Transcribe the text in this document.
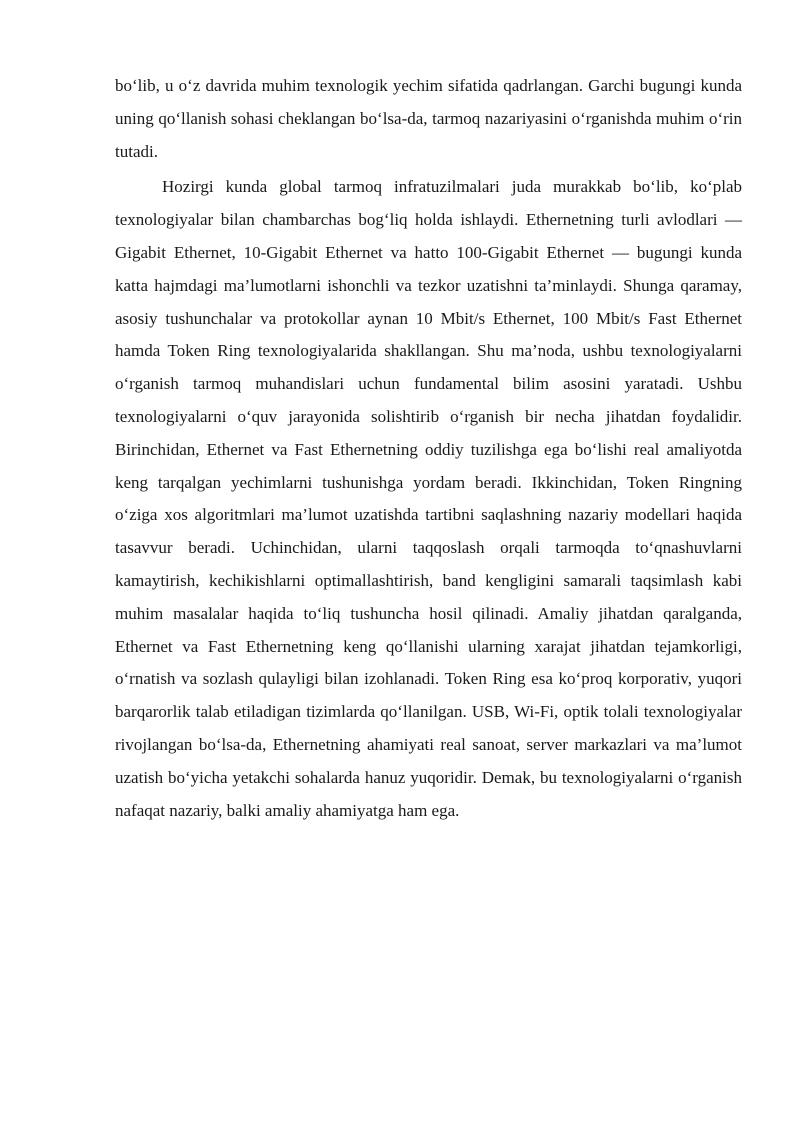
bo‘lib, u o‘z davrida muhim texnologik yechim sifatida qadrlangan. Garchi bugungi kunda uning qo‘llanish sohasi cheklangan bo‘lsa-da, tarmoq nazariyasini o‘rganishda muhim o‘rin tutadi.

Hozirgi kunda global tarmoq infratuzilmalari juda murakkab bo‘lib, ko‘plab texnologiyalar bilan chambarchas bog‘liq holda ishlaydi. Ethernetning turli avlodlari — Gigabit Ethernet, 10-Gigabit Ethernet va hatto 100-Gigabit Ethernet — bugungi kunda katta hajmdagi ma’lumotlarni ishonchli va tezkor uzatishni ta’minlaydi. Shunga qaramay, asosiy tushunchalar va protokollar aynan 10 Mbit/s Ethernet, 100 Mbit/s Fast Ethernet hamda Token Ring texnologiyalarida shakllangan. Shu ma’noda, ushbu texnologiyalarni o‘rganish tarmoq muhandislari uchun fundamental bilim asosini yaratadi. Ushbu texnologiyalarni o‘quv jarayonida solishtirib o‘rganish bir necha jihatdan foydalidir. Birinchidan, Ethernet va Fast Ethernetning oddiy tuzilishga ega bo‘lishi real amaliyotda keng tarqalgan yechimlarni tushunishga yordam beradi. Ikkinchidan, Token Ringning o‘ziga xos algoritmlari ma’lumot uzatishda tartibni saqlashning nazariy modellari haqida tasavvur beradi. Uchinchidan, ularni taqqoslash orqali tarmoqda to‘qnashuvlarni kamaytirish, kechikishlarni optimallashtirish, band kengligini samarali taqsimlash kabi muhim masalalar haqida to‘liq tushuncha hosil qilinadi. Amaliy jihatdan qaralganda, Ethernet va Fast Ethernetning keng qo‘llanishi ularning xarajat jihatdan tejamkorligi, o‘rnatish va sozlash qulayligi bilan izohlanadi. Token Ring esa ko‘proq korporativ, yuqori barqarorlik talab etiladigan tizimlarda qo‘llanilgan. USB, Wi-Fi, optik tolali texnologiyalar rivojlangan bo‘lsa-da, Ethernetning ahamiyati real sanoat, server markazlari va ma’lumot uzatish bo‘yicha yetakchi sohalarda hanuz yuqoridir. Demak, bu texnologiyalarni o‘rganish nafaqat nazariy, balki amaliy ahamiyatga ham ega.
